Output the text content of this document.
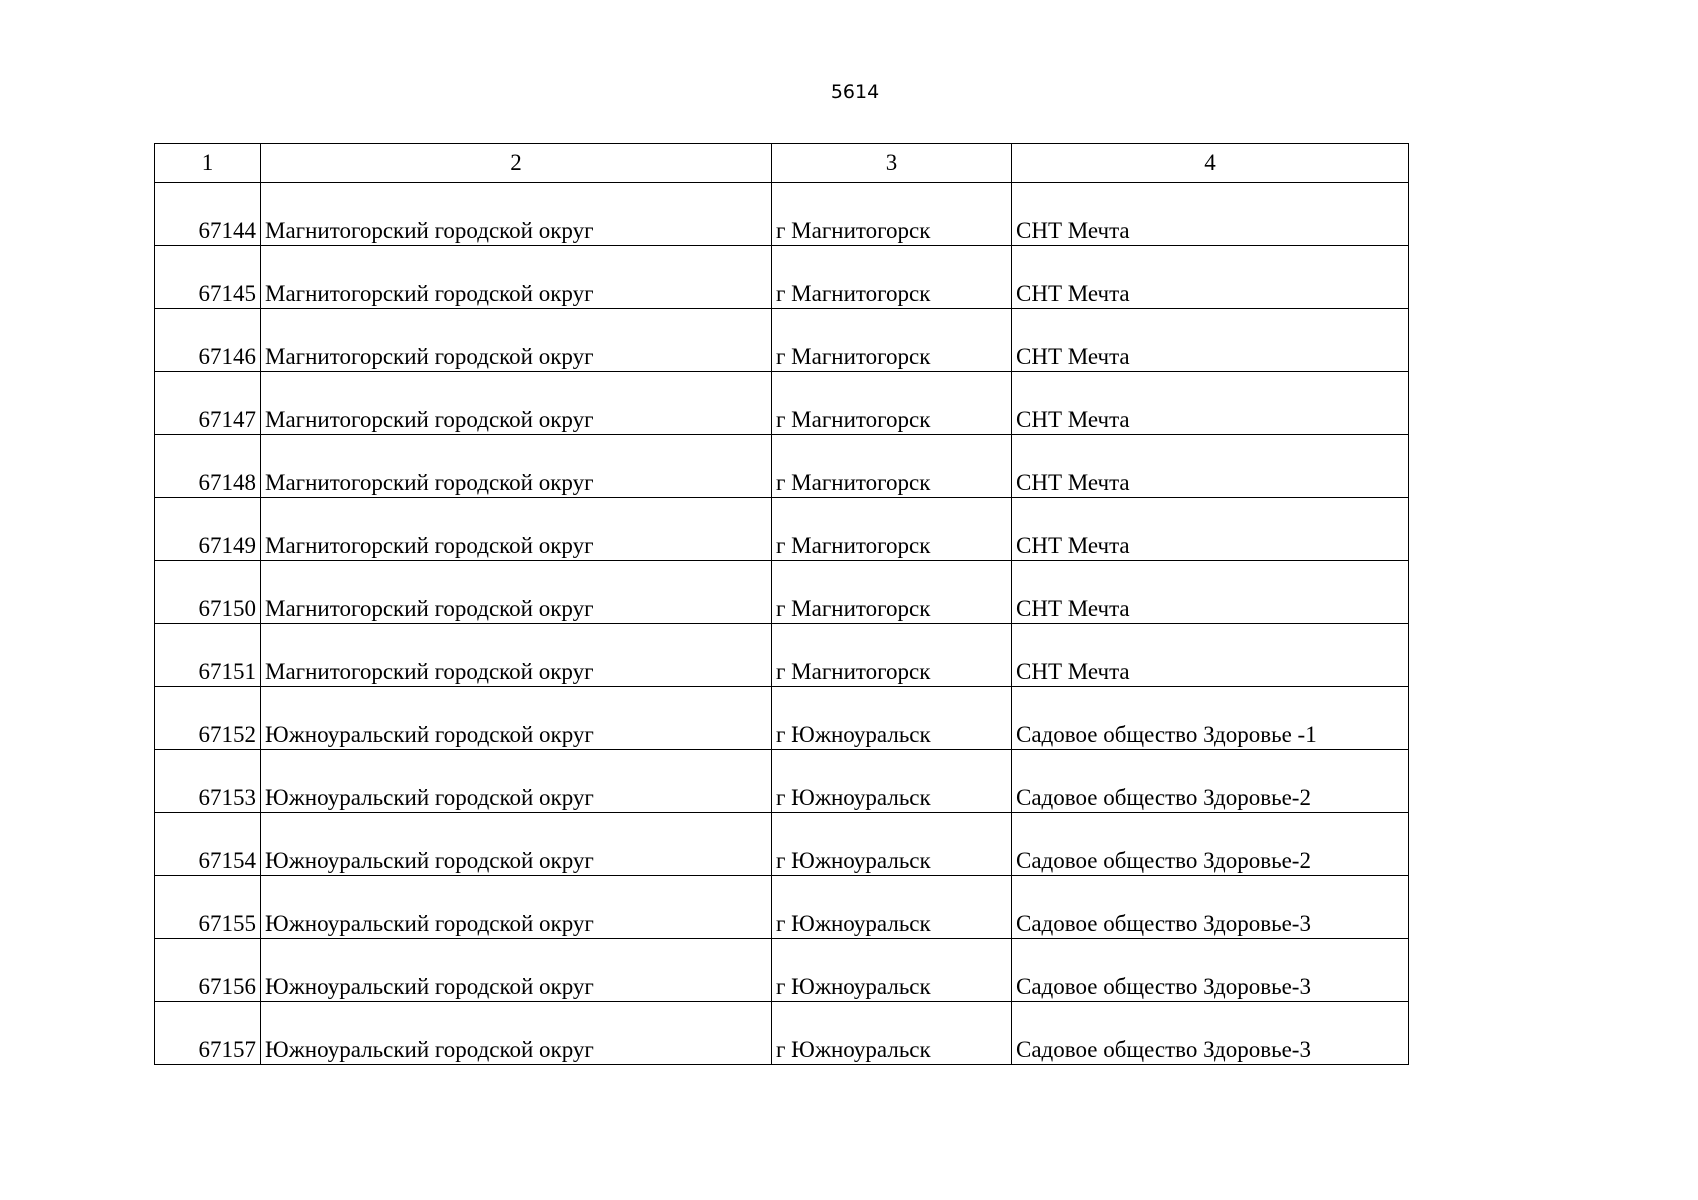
5614
1	2	3	4
67144	Магнитогорский городской округ	г Магнитогорск	СНТ Мечта
67145	Магнитогорский городской округ	г Магнитогорск	СНТ Мечта
67146	Магнитогорский городской округ	г Магнитогорск	СНТ Мечта
67147	Магнитогорский городской округ	г Магнитогорск	СНТ Мечта
67148	Магнитогорский городской округ	г Магнитогорск	СНТ Мечта
67149	Магнитогорский городской округ	г Магнитогорск	СНТ Мечта
67150	Магнитогорский городской округ	г Магнитогорск	СНТ Мечта
67151	Магнитогорский городской округ	г Магнитогорск	СНТ Мечта
67152	Южноуральский городской округ	г Южноуральск	Садовое общество Здоровье -1
67153	Южноуральский городской округ	г Южноуральск	Садовое общество Здоровье-2
67154	Южноуральский городской округ	г Южноуральск	Садовое общество Здоровье-2
67155	Южноуральский городской округ	г Южноуральск	Садовое общество Здоровье-3
67156	Южноуральский городской округ	г Южноуральск	Садовое общество Здоровье-3
67157	Южноуральский городской округ	г Южноуральск	Садовое общество Здоровье-3
